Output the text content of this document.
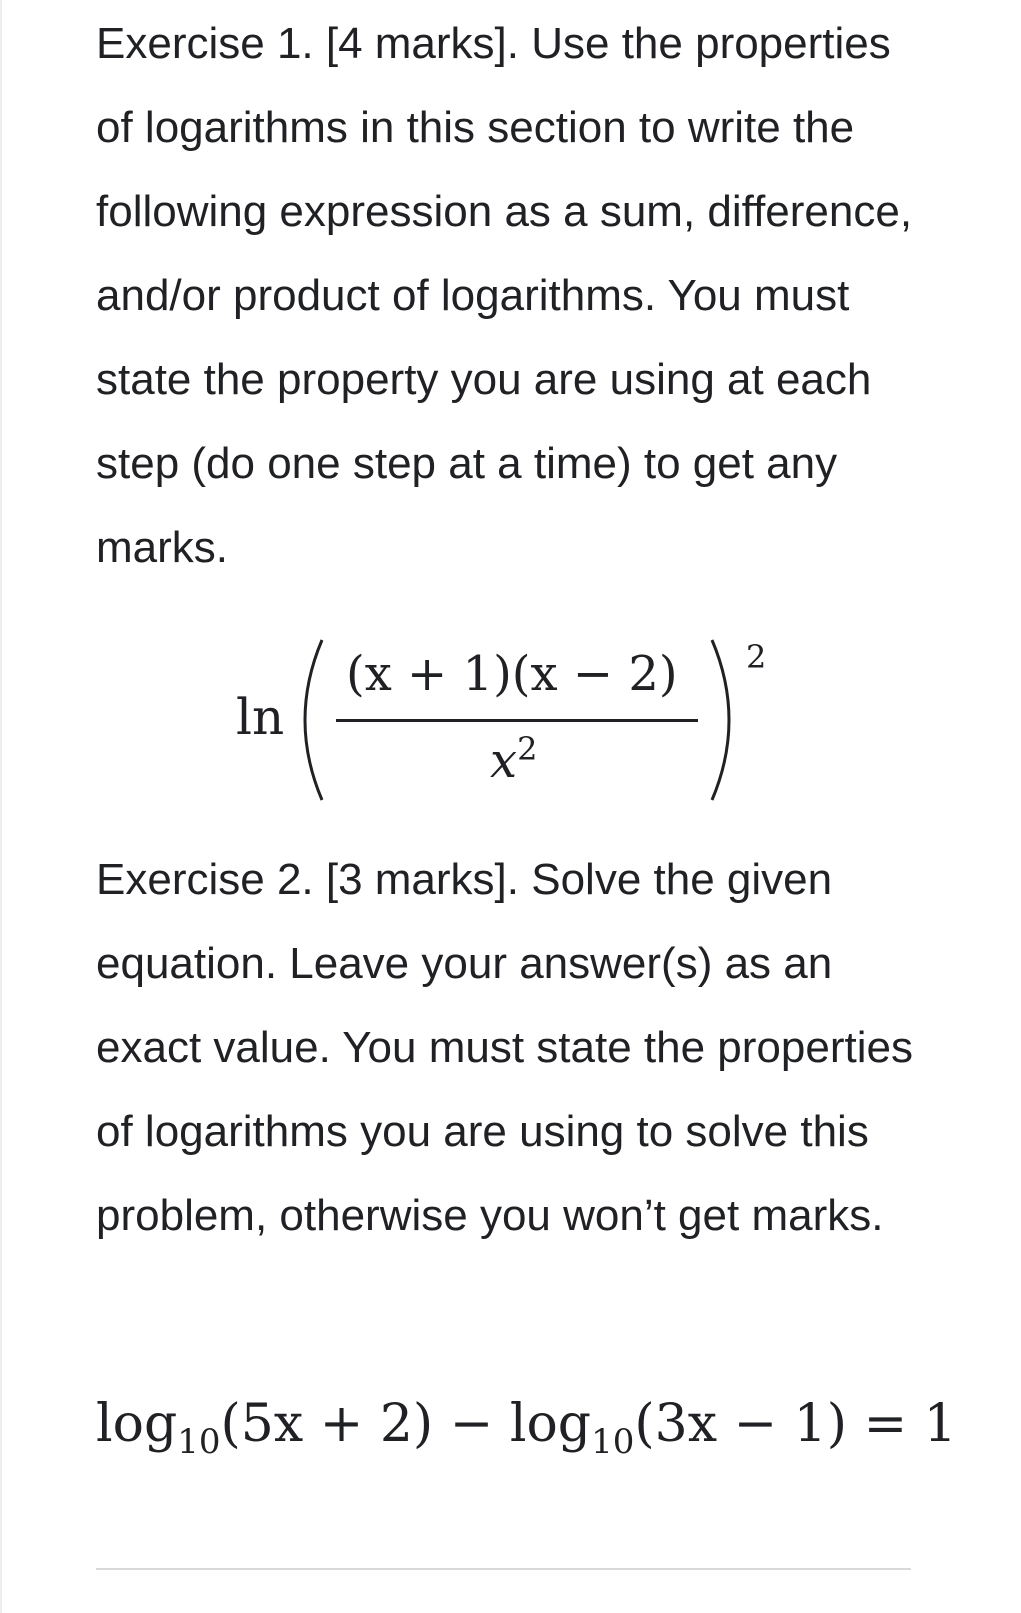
Exercise 1. [4 marks]. Use the properties of logarithms in this section to write the following expression as a sum, difference, and/or product of logarithms. You must state the property you are using at each step (do one step at a time) to get any marks.

Exercise 2. [3 marks]. Solve the given equation. Leave your answer(s) as an exact value. You must state the properties of logarithms you are using to solve this problem, otherwise you won’t get marks.

ln
(x + 1)(x − 2)
$x^2$
2
$\log_{10}(5x + 2) - \log_{10}(3x - 1) = 1$
